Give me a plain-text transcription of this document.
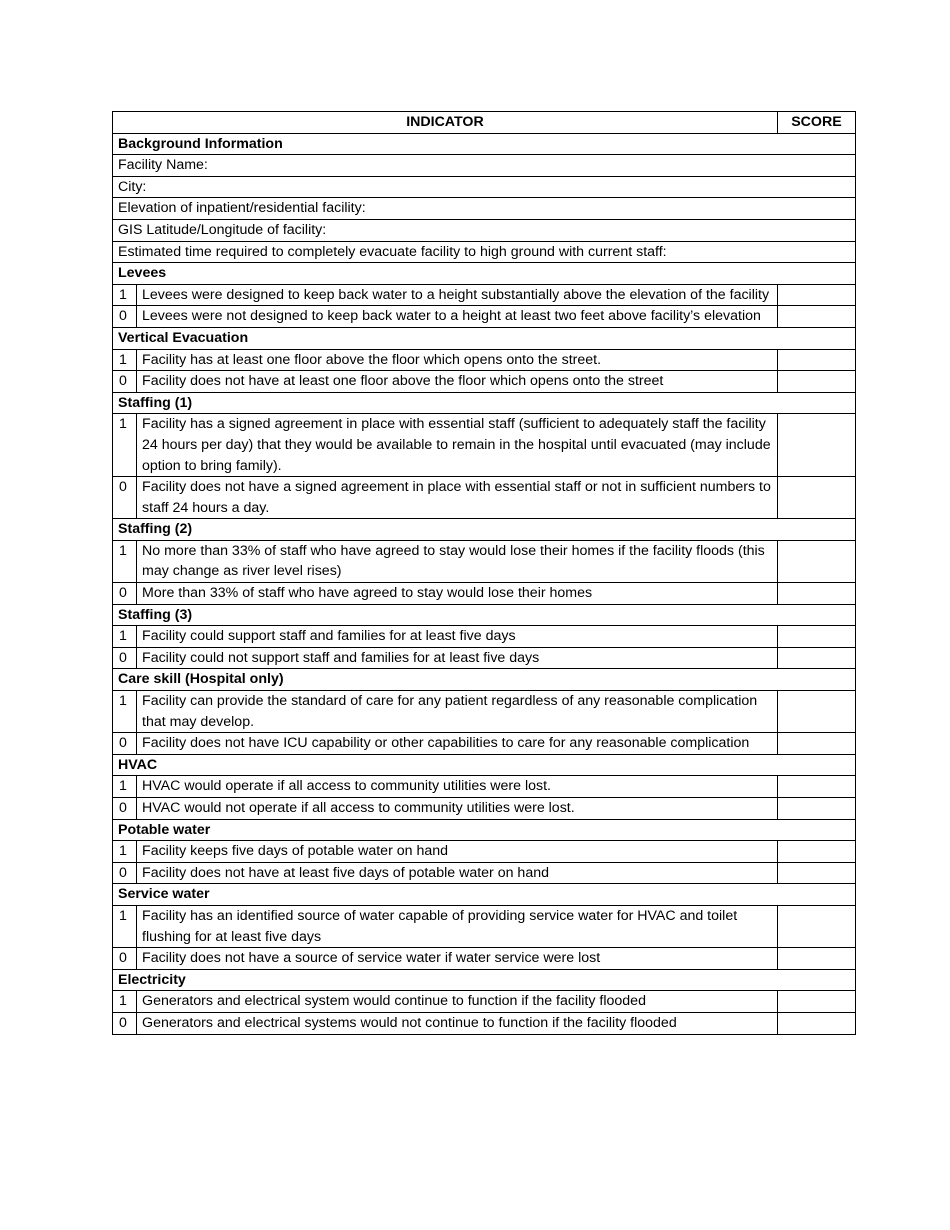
INDICATOR		SCORE
Background Information		
Facility Name:		
City:		
Elevation of inpatient/residential facility:		
GIS Latitude/Longitude of facility:		
Estimated time required to completely evacuate facility to high ground with current staff:		
Levees		
1	Levees were designed to keep back water to a height substantially above the elevation of the facility	
0	Levees were not designed to keep back water to a height at least two feet above facility’s elevation	
Vertical Evacuation		
1	Facility has at least one floor above the floor which opens onto the street.	
0	Facility does not have at least one floor above the floor which opens onto the street	
Staffing (1)		
1	Facility has a signed agreement in place with essential staff (sufficient to adequately staff the facility 24 hours per day) that they would be available to remain in the hospital until evacuated (may include option to bring family).	
0	Facility does not have a signed agreement in place with essential staff or not in sufficient numbers to staff 24 hours a day.	
Staffing (2)		
1	No more than 33% of staff who have agreed to stay would lose their homes if the facility floods (this may change as river level rises)	
0	More than 33% of staff who have agreed to stay would lose their homes	
Staffing (3)		
1	Facility could support staff and families for at least five days	
0	Facility could not support staff and families for at least five days	
Care skill (Hospital only)		
1	Facility can provide the standard of care for any patient regardless of any reasonable complication that may develop.	
0	Facility does not have ICU capability or other capabilities to care for any reasonable complication	
HVAC		
1	HVAC would operate if all access to community utilities were lost.	
0	HVAC would not operate if all access to community utilities were lost.	
Potable water		
1	Facility keeps five days of potable water on hand	
0	Facility does not have at least five days of potable water on hand	
Service water		
1	Facility has an identified source of water capable of providing service water for HVAC and toilet flushing for at least five days	
0	Facility does not have a source of service water if water service were lost	
Electricity		
1	Generators and electrical system would continue to function if the facility flooded	
0	Generators and electrical systems would not continue to function if the facility flooded	
